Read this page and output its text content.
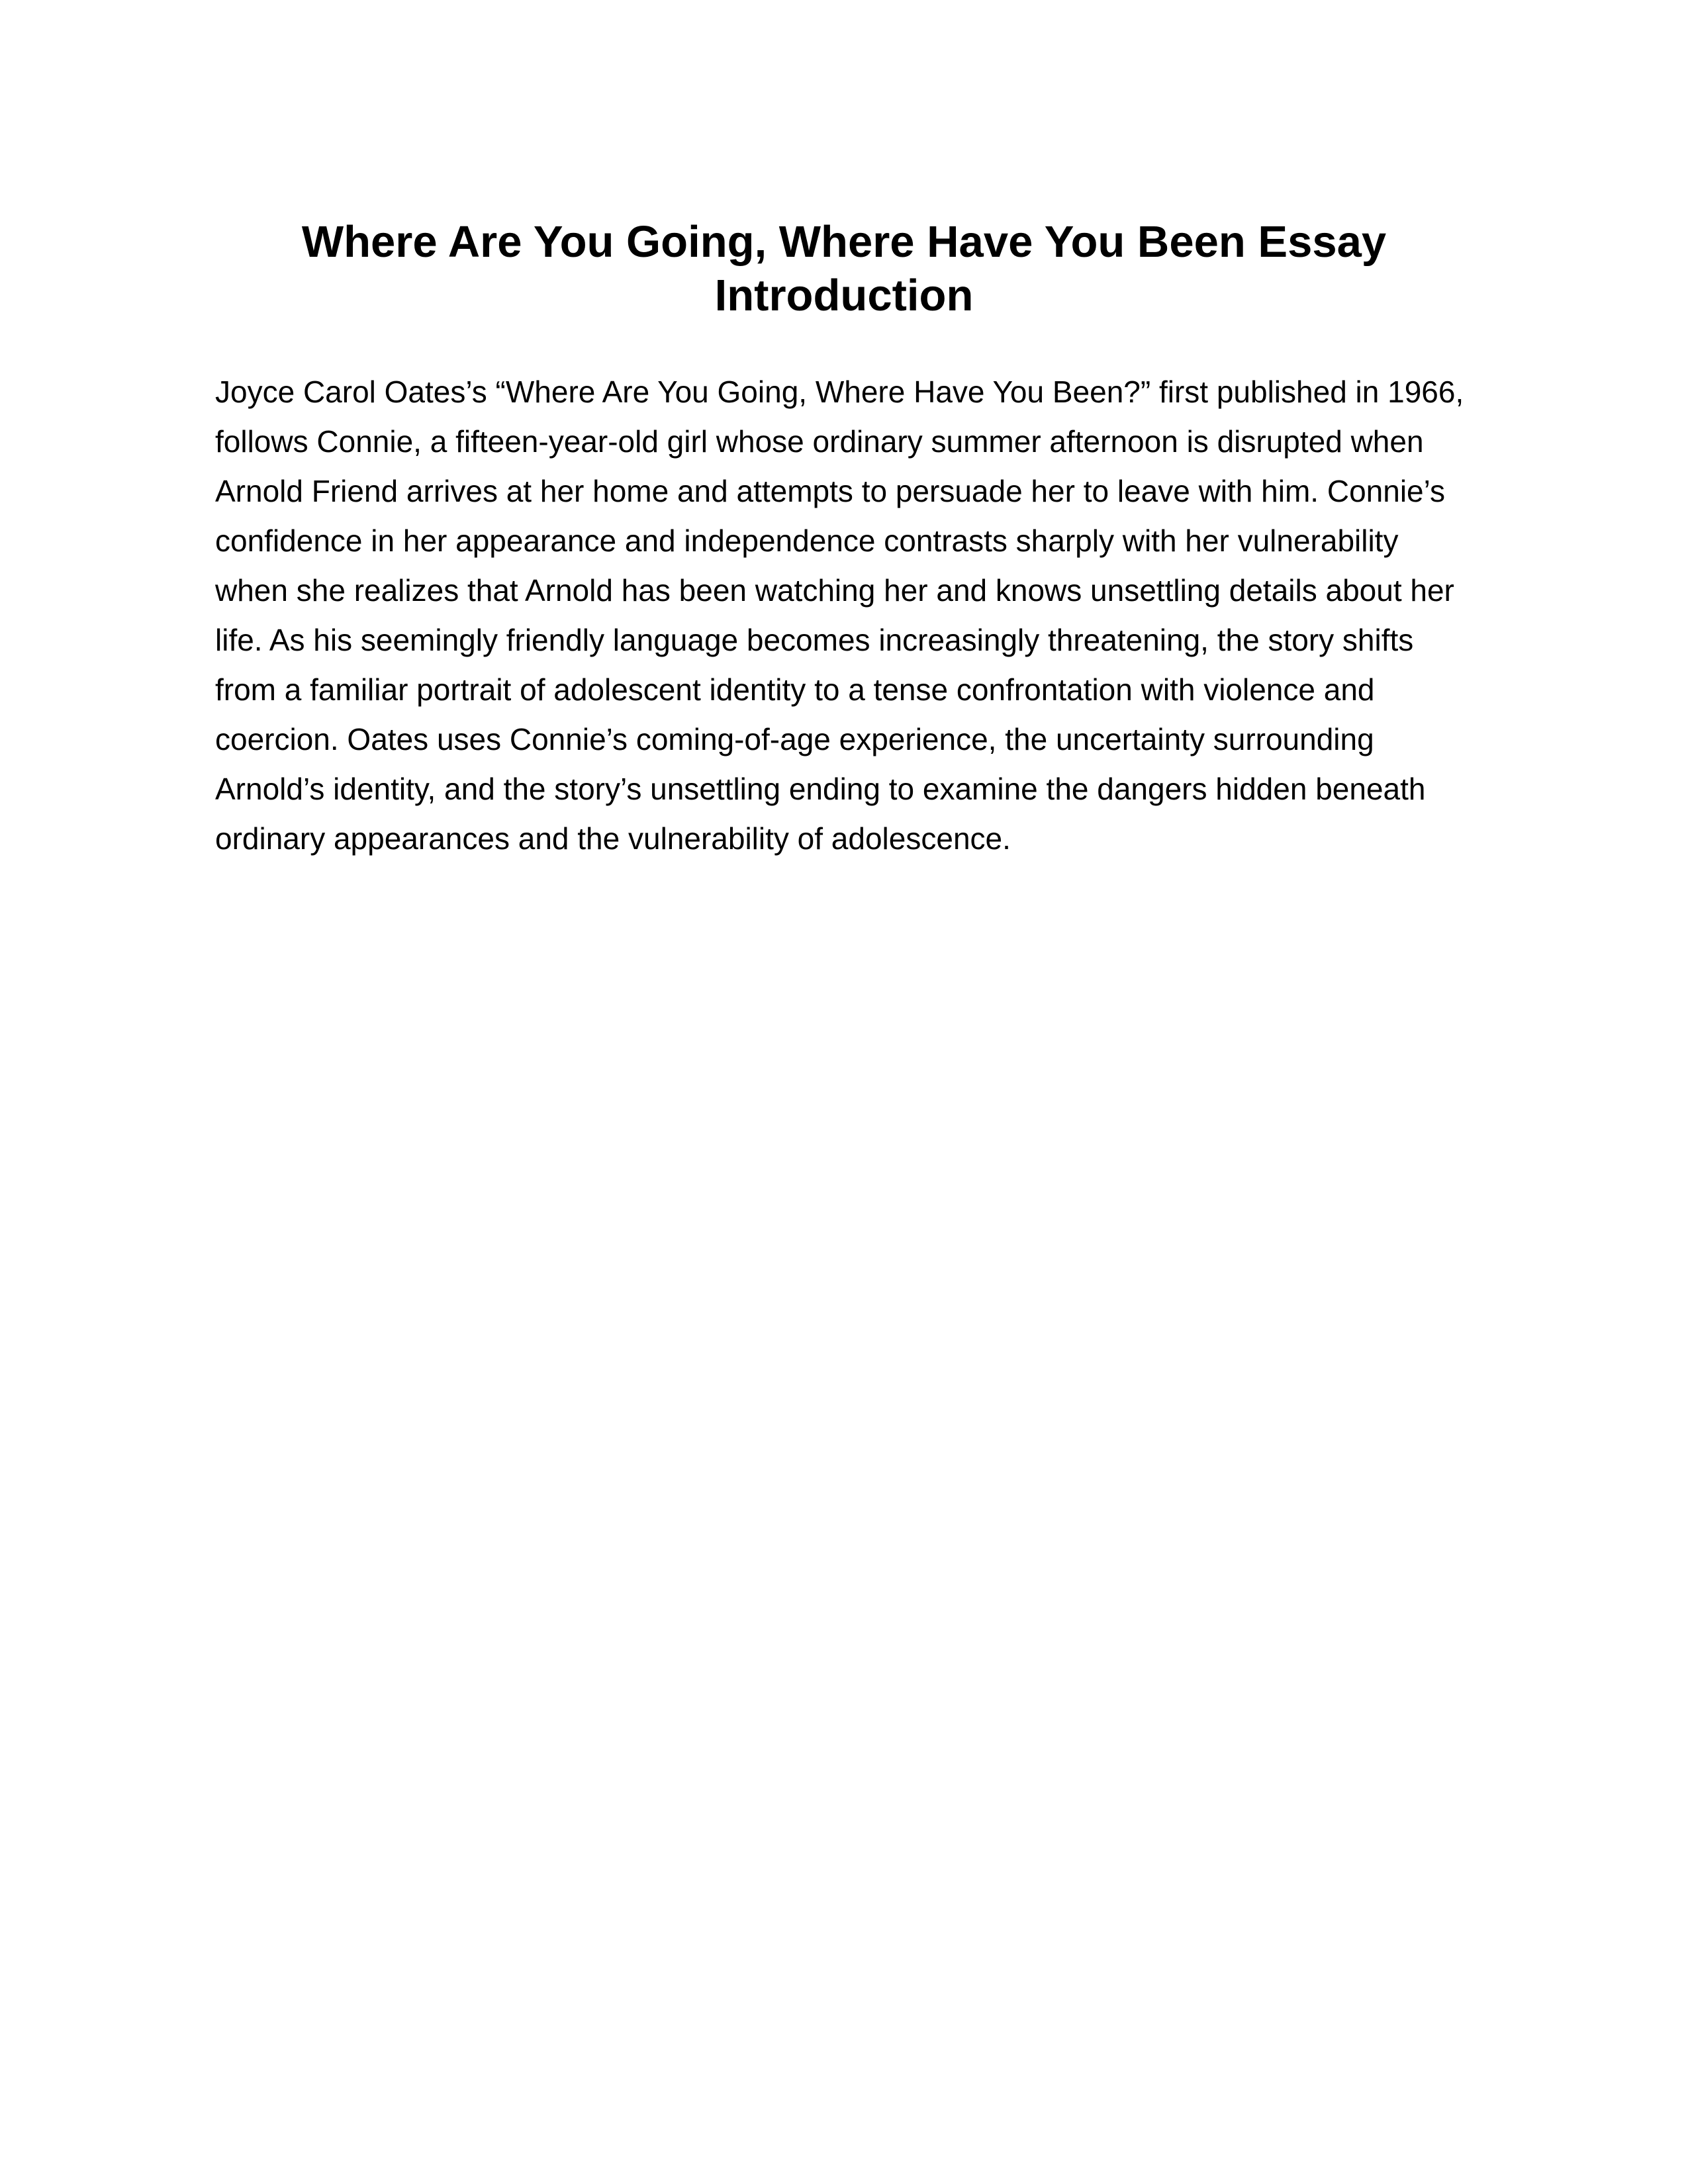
Where Are You Going, Where Have You Been Essay Introduction

Joyce Carol Oates’s “Where Are You Going, Where Have You Been?” first published in 1966, follows Connie, a fifteen-year-old girl whose ordinary summer afternoon is disrupted when Arnold Friend arrives at her home and attempts to persuade her to leave with him. Connie’s confidence in her appearance and independence contrasts sharply with her vulnerability when she realizes that Arnold has been watching her and knows unsettling details about her life. As his seemingly friendly language becomes increasingly threatening, the story shifts from a familiar portrait of adolescent identity to a tense confrontation with violence and coercion. Oates uses Connie’s coming-of-age experience, the uncertainty surrounding Arnold’s identity, and the story’s unsettling ending to examine the dangers hidden beneath ordinary appearances and the vulnerability of adolescence.
